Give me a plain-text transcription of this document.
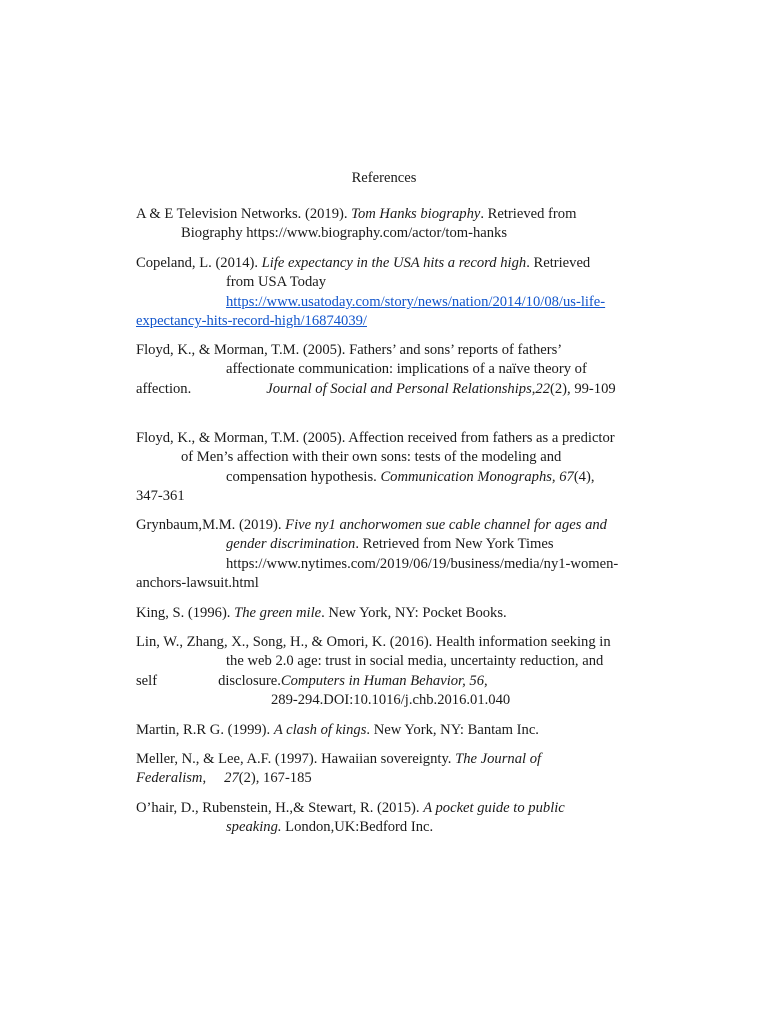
References
A & E Television Networks. (2019). Tom Hanks biography. Retrieved from
Biography https://www.biography.com/actor/tom-hanks
Copeland, L. (2014). Life expectancy in the USA hits a record high. Retrieved
from USA Today
https://www.usatoday.com/story/news/nation/2014/10/08/us-life-
expectancy-hits-record-high/16874039/
Floyd, K., & Morman, T.M. (2005). Fathers’ and sons’ reports of fathers’
affectionate communication: implications of a naïve theory of
affection.	Journal of Social and Personal Relationships,22(2), 99-109
Floyd, K., & Morman, T.M. (2005). Affection received from fathers as a predictor
of Men’s affection with their own sons: tests of the modeling and
compensation hypothesis. Communication Monographs, 67(4),
347-361
Grynbaum,M.M. (2019). Five ny1 anchorwomen sue cable channel for ages and
gender discrimination. Retrieved from New York Times
https://www.nytimes.com/2019/06/19/business/media/ny1-women-
anchors-lawsuit.html
King, S. (1996). The green mile. New York, NY: Pocket Books.
Lin, W., Zhang, X., Song, H., & Omori, K. (2016). Health information seeking in
the web 2.0 age: trust in social media, uncertainty reduction, and
self	disclosure.Computers in Human Behavior, 56,
289-294.DOI:10.1016/j.chb.2016.01.040
Martin, R.R G. (1999). A clash of kings. New York, NY: Bantam Inc.
Meller, N., & Lee, A.F. (1997). Hawaiian sovereignty. The Journal of
Federalism, 27(2), 167-185
O’hair, D., Rubenstein, H.,& Stewart, R. (2015). A pocket guide to public
speaking. London,UK:Bedford Inc.
